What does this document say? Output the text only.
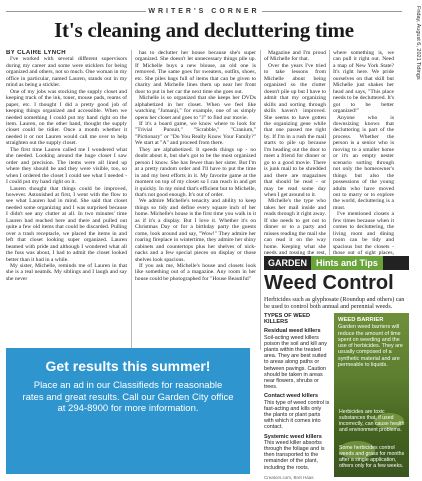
Friday, August 6, 2021 Tidings
WRITER'S CORNER
It's cleaning and decluttering time

BY CLAIRE LYNCH

I've worked with several different supervisors during my career and some were sticklers for being organized and others, not so much. One woman in my office in particular, named Lauren, stands out in my mind as being a stickler.

One of my jobs was stocking the supply closet and keeping track of the ink, toner, mouse pads, reams of paper, etc. I thought I did a pretty good job of keeping things organized and accessible. When we needed something I could put my hand right on the item. Lauren, on the other hand, thought the supply closet could be tidier. Once a month whether it needed it or not Lauren would call me over to help straighten out the supply closet.

The first time Lauren called me I wondered what she needed. Looking around the huge closet I saw order and precision. The items were all lined up where they should be and they were visible, too, so when I ordered the closet I could see what I needed - I could put my hand right on it.

Lauren thought that things could be improved, however. Astonished at first, I went with the flow to see what Lauren had in mind. She said that closet needed some organizing and I was surprised because I didn't see any clutter at all. In two minutes' time Lauren had reached here and there and pulled out quite a few old items that could be discarded. Pulling over a trash receptacle, we placed the items in and left that closet looking super organized. Lauren beamed with pride and although I wondered what all the fuss was about, I had to admit the closet looked better than it had in a while.

My sister, Michelle, reminds me of Lauren in that she is a real neatnik. My siblings and I laugh and say she never

has to declutter her house because she's super organized. She doesn't let unnecessary things pile up. If Michelle buys a new blouse, an old one is removed. The same goes for sweaters, outfits, shoes, etc. She piles bags full of items that can be given to charity and Michelle lines them up near her front door to put in her car the next time she goes out.

Michelle is so organized that she keeps her DVDs alphabetized in her closet. When we feel like watching "Jumanji," for example, one of us simply opens her closet and goes to "J" to find our movie.

If it's a board game, we know where to look for "Trivial Pursuit," "Scrabble," "Cranium," "Pictionary" or "Do You Really Know Your Family?" We start at "A" and proceed from there.

They are alphabetized. It speeds things up - no doubt about it, but she's got to be the most organized person I know. She has fewer than her sister. But I'm at a pretty random order and I'll have to put the time in and my best efforts in it. My favorite game at the moment on top of my closet so I can reach in and get it quickly. In my mind that's efficient but to Michelle, that's not good enough. It's out of order.

We admire Michelle's tenacity and ability to keep things so tidy and define every square inch of her home. Michelle's house is the first time you walk in it as if it's a display. But I love it. Whether it's on Christmas Day or for a birthday party the guests come, look around and say, "Wow!" They admire her roaring fireplace in wintertime, they admire her shiny cabinets and countertops plus her shelves of nick-nacks and a few special pieces on display or those shelves look spacious.

If you ask me, Michelle's house and closets look like something out of a magazine. Any room in her house could be photographed for "House Beautiful"

Magazine and I'm proud of Michelle for that.

Over the years I've tried to take lessons from Michelle about being organized so the clutter doesn't pile up but I have to admit that my organizing skills and sorting through skills haven't improved. She seems to have gotten the organizing gene while that one passed me right by. If I'm in a rush the mail starts to pile up because I'm heading out the door to meet a friend for dinner or go to a good movie. There is junk mail to be shredded and there are magazines that should be read - or may be read some day when I get around to it.

Michelle's the type who takes her mail inside and reads through it right away. If she needs to get out to dinner or to a party and misses reading the mail she can read it on the way home. Keeping what she needs and tossing the rest,

where something is, we can pull it right out. Need a map of New York State? It's right here. We pride ourselves on that skill but Michelle just shakes her head and says, "This place needs to be decluttered. It's got to be better organized!"

Anyone who is downsizing knows that decluttering is part of the process. Whether the person is a senior who is moving to a smaller home or it's an empty nester scenario sorting through not only the homeowner's things but also the possessions of the young adults who have moved out to marry or to explore the world, decluttering is a must.

I've mentioned closets a few times because when it comes to decluttering, the living room and dining room can be tidy and spacious but the closets - those out of sight places,

Get results this summer!
Place an ad in our Classifieds for reasonable rates and great results. Call our Garden City office at 294-8900 for more information.
GARDEN	Hints and Tips
Weed Control
Herbicides such as glyphosate (Roundup and others) can be used to control both annual and perennial weeds.
TYPES OF WEED KILLERS
Residual weed killers
Soil-acting weed killers poison the soil and kill any plants within the treated area. They are best suited to areas along paths or between pavings. Caution should be taken in areas near flowers, shrubs or trees.
Contact weed killers
This type of weed control is fast-acting and kills only the plants or plant parts with which it comes into contact.
Systemic weed killers
This weed killer absorbs through the foliage and is then transported to the remainder of the plant, including the roots.
Creators.com, Bret Haas
WEED BARRIER
Garden weed barriers will reduce the amount of time spent on weeding and the use of herbicides. They are usually composed of a synthetic material and are permeable to liquids.
Herbicides are toxic substances that, if used incorrectly, can cause health and environment problems.
Some herbicides control weeds and grass for months after a single application, others only for a few weeks.
